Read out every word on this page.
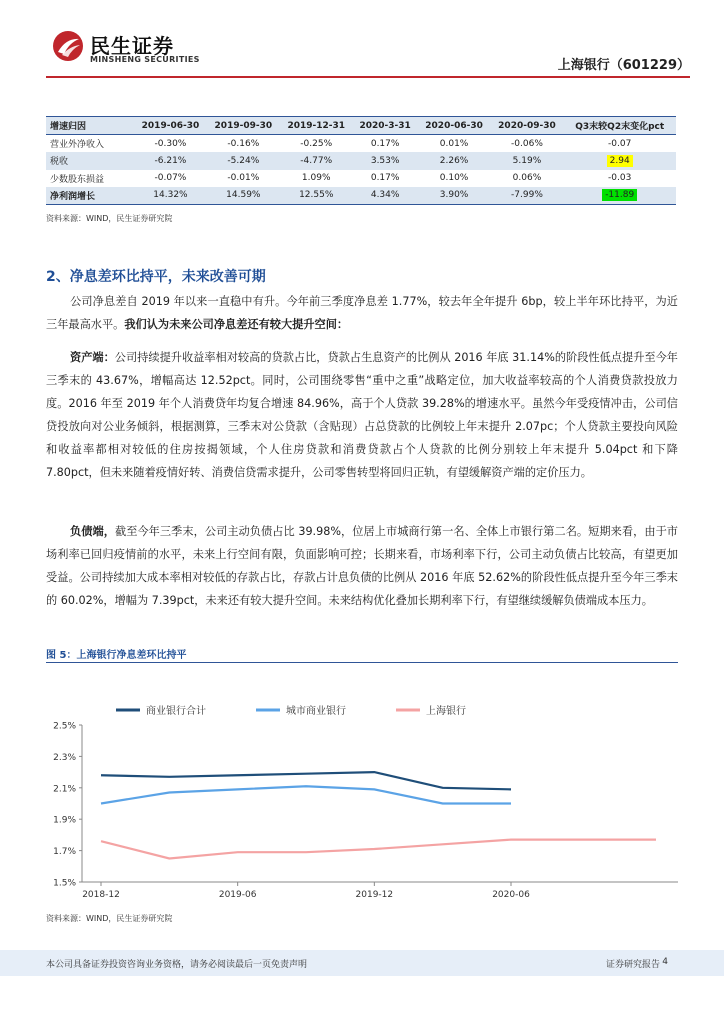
民生证券
MINSHENG SECURITIES	上海银行（601229）
增速归因	2019-06-30	2019-09-30	2019-12-31	2020-3-31	2020-06-30	2020-09-30	Q3末较Q2末变化pct
营业外净收入	-0.30%	-0.16%	-0.25%	0.17%	0.01%	-0.06%	-0.07
税收	-6.21%	-5.24%	-4.77%	3.53%	2.26%	5.19%	2.94
少数股东损益	-0.07%	-0.01%	1.09%	0.17%	0.10%	0.06%	-0.03
净利润增长	14.32%	14.59%	12.55%	4.34%	3.90%	-7.99%	-11.89
资料来源：WIND，民生证券研究院
2、净息差环比持平，未来改善可期
公司净息差自 2019 年以来一直稳中有升。今年前三季度净息差 1.77%，较去年全年提升 6bp，较上半年环比持平，为近三年最高水平。我们认为未来公司净息差还有较大提升空间：
资产端：公司持续提升收益率相对较高的贷款占比，贷款占生息资产的比例从 2016 年底 31.14%的阶段性低点提升至今年三季末的 43.67%，增幅高达 12.52pct。同时，公司围绕零售“重中之重”战略定位，加大收益率较高的个人消费贷款投放力度。2016 年至 2019 年个人消费贷年均复合增速 84.96%，高于个人贷款 39.28%的增速水平。虽然今年受疫情冲击，公司信贷投放向对公业务倾斜，根据测算，三季末对公贷款（含贴现）占总贷款的比例较上年末提升 2.07pc；个人贷款主要投向风险和收益率都相对较低的住房按揭领域，个人住房贷款和消费贷款占个人贷款的比例分别较上年末提升 5.04pct 和下降 7.80pct，但未来随着疫情好转、消费信贷需求提升，公司零售转型将回归正轨，有望缓解资产端的定价压力。
负债端，截至今年三季末，公司主动负债占比 39.98%，位居上市城商行第一名、全体上市银行第二名。短期来看，由于市场利率已回归疫情前的水平，未来上行空间有限，负面影响可控；长期来看，市场利率下行，公司主动负债占比较高，有望更加受益。公司持续加大成本率相对较低的存款占比，存款占计息负债的比例从 2016 年底 52.62%的阶段性低点提升至今年三季末的 60.02%，增幅为 7.39pct，未来还有较大提升空间。未来结构优化叠加长期利率下行，有望继续缓解负债端成本压力。
图 5：上海银行净息差环比持平
商业银行合计	城市商业银行	上海银行
1.5%
1.7%
1.9%
2.1%
2.3%
2.5%
2018-12	2019-06	2019-12	2020-06
资料来源：WIND，民生证券研究院
本公司具备证券投资咨询业务资格，请务必阅读最后一页免责声明	证券研究报告 4
